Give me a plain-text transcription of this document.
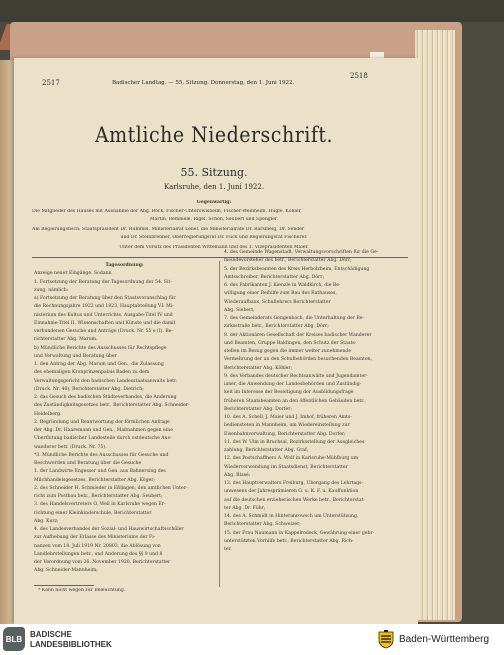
2517	Badischer Landtag. — 55. Sitzung. Donnerstag, den 1. Juni 1922.
2518
Amtliche Niederschrift.
55. Sitzung.
Karlsruhe, den 1. Juni 1922.
Gegenwärtig:
Die Mitglieder des Hauses mit Ausnahme der Abg. Bock, Fischer-Unteröwisheim, Fischer-Weinheim, Hügle, Köhler,
Martin, Remmele, Rigel, Schön, Seubert und Spengler.
Am Regierungstisch: Staatspräsident Dr. Hummel, Ministerialrat Lenel, die Ministerialräte Dr. Barsmeig, Dr. Sender
und Dr. Steinbrenner, Oberregierungsrat Dr. Fuck und Regierungsrat Fischerer.
Unter dem Vorsitz des Präsidenten Wittemann und des 1. Vizepräsidenten Maier.

Tagesordnung:

Anzeige neuer Eingänge. Sodann

1. Fortsetzung der Beratung der Tagesordnung der 54. Sit-

zung, nämlich:

a) Fortsetzung der Beratung über den Staatsvoranschlag für

die Rechnungsjahre 1922 und 1923, Hauptabteilung VI: Mi-

nisterium des Kultus und Unterrichts, Ausgabe-Titel IV und

Einnahme-Titel II, Wissenschaften und Künste und die damit

verbundenen Gesuche und Anträge (Druck. Nr. 55 e (I). Be-

richterstatter Abg. Marum.

b) Mündliche Berichte des Ausschusses für Rechtspflege

und Verwaltung und Beratung über

1. den Antrag der Abg. Marum und Gen., die Zulassung

des ehemaligen Kronprinzenpalais Baden zu dem

Verwaltungsgericht den badischen Landesstaatsanwalts betr.

(Druck. Nr. 40), Berichterstatter Abg. Dietrich;

2. das Gesuch des badischen Städteverbandes, die Änderung

des Zuständigkeitsgesetzes betr., Berichterstatter Abg. Schneider-

Heidelberg.

2. Begründung und Beantwortung der förmlichen Anfrage

der Abg. Dr. Haaremann und Gen., Maßnahmen gegen eine

Überflutung badischer Landesteile durch ostdeutsche Aus-

wanderer betr. (Druck. Nr. 75).

*3. Mündliche Berichte des Ausschusses für Gesuche und

Beschwerden und Beratung über die Gesuche

1. der Landwirte Engesser und Gen. aus Bahnersing des

Milchhandelsgesetzes, Berichterstatter Abg. Köger;

2. des Schneider H. Schmieder in Eßlingen, den amtlichen Unter-

richt zum Postbau betr., Berichterstatter Abg. Seubert;

3. des Handelsvertreters O. Weil in Karlsruhe wegen Er-

richtung einer Kleinkinderschule, Berichterstatter

Abg. Kurz;

4. des Landesverbandes der Sozial- und Hauswirtschaftsschüler

zur Aufhebung der Erlasse des Ministeriums der Fi-

nanzen vom 18. Juli 1919 Nr. 20803, die Ablösung von

Landlehrstellungen betr., und Änderung des §§ 9 und 8

der Verordnung vom 26. November 1920, Berichterstatter

Abg. Schneider-Mannheim;

4. des Gemeinde Wagenstadt, Verwaltungsvorschriften für die Ge-

meindevorsteher des betr., Berichterstatter Abg. Dörr;

5. der Bezirksbeamten des Kreis Herbolzheim, Entschädigung

Amtsschreiber, Berichterstatter Abg. Dörr;

6. des Fabrikanten J. Kienzle in Waldkirch, die Be-

willigung einer Beihilfe zum Bau des Rathauses,

Wiederaufbaus, Schullehrers Berichterstatter

Abg. Siebert;

7. des Gemeinderats Gengenbach, die Unterhaltung der Be-

zirksstraße betr., Berichterstatter Abg. Dörr;

8. der Aktionären Gesellschaft der Kreises badischer Wanderer

und Beamten, Gruppe Baldingen, den Schutz der Staats-

stellen im Bezug gegen die immer weiter zunehmende

Vermehrung der an den Schulbehörden besuchenden Beamten,

Berichterstatter Abg. Köhler;

9. des Verbandes deutscher Rechtsanwälte und Jugendamter-

ianer, die Anwendung der Landesbehörden und Zuständig-

keit im Interesse der Beseitigung der Ausbildungsfrage

früheren Staatsbeamten an den öffentlichen Gebäuden betr.,

Berichterstatter Abg. Dorfer;

10. des A. Schell, J. Maier und J. Imhof, früheren Amts-

bediensteten in Mannheim, um Wiedereinstellung zur

Eisenbahnverwaltung, Berichterstatter Abg. Dorfer;

11. des W. Ulm in Bruchsal, Bezirksstellung der Ausgleiches-

zahlung, Berichterstatter Abg. Graf;

12. des Postschaffners A. Wolf in Karlsruhe-Mühlburg um

Wiederverwendung im Staatsdienst, Berichterstatter

Abg. Blasé;

13. des Hauptverwalters Freiburg, Übergang des Lehrtags-

unwesens der Jahresprämieren G. u. K. F. u. Kauffunktion

auf die deutschen erzieherischen Werke betr., Berichterstat-

ter Abg. Dr. Führ;

14. des A. Schmidt in Hinteranrowsch um Unterstützung,

Berichterstatter Abg. Schweizer;

15. der Frau Naumann in Kappelrodeck, Gewährung einer gebr-

unterstützten Vorhilfe betr., Berichterstatter Abg. Rich-

ter.

* Kann nicht wegen zur Beleuchtung.
BLB BADISCHE
LANDESBIBLIOTHEK	Baden-Württemberg
